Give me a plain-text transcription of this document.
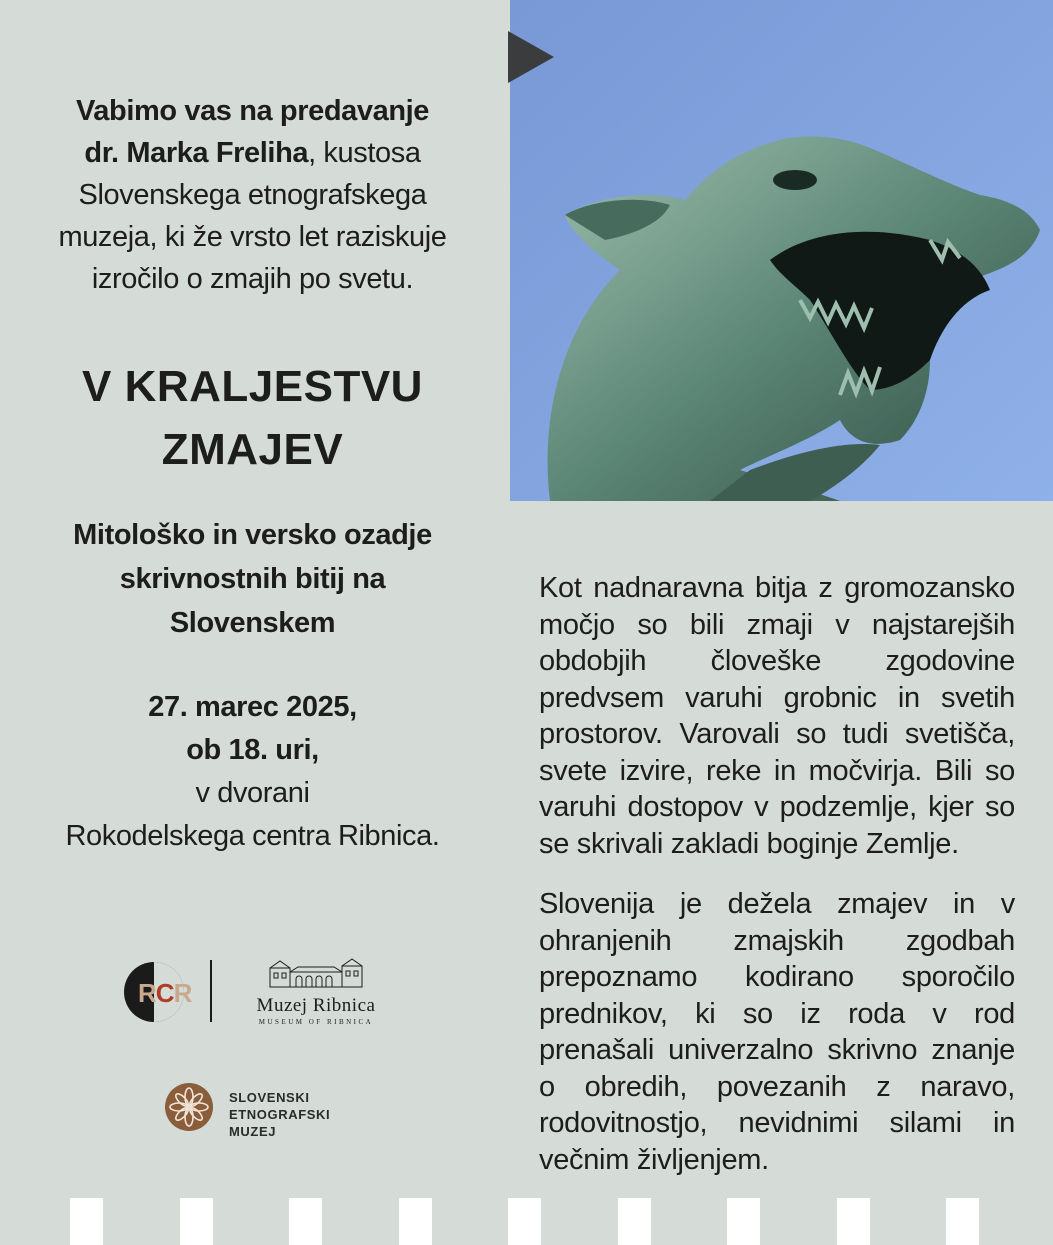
Vabimo vas na predavanje
dr. Marka Freliha, kustosa
Slovenskega etnografskega
muzeja, ki že vrsto let raziskuje
izročilo o zmajih po svetu.
V KRALJESTVU
ZMAJEV
Mitološko in versko ozadje
skrivnostnih bitij na
Slovenskem
27. marec 2025,
ob 18. uri,
v dvorani
Rokodelskega centra Ribnica.
RCR	Muzej Ribnica
MUSEUM OF RIBNICA
SLOVENSKI
ETNOGRAFSKI
MUZEJ

Kot nadnaravna bitja z gromozansko močjo so bili zmaji v najstarejših obdobjih človeške zgodovine predvsem varuhi grobnic in svetih prostorov. Varovali so tudi svetišča, svete izvire, reke in močvirja. Bili so varuhi dostopov v podzemlje, kjer so se skrivali zakladi boginje Zemlje.

Slovenija je dežela zmajev in v ohranjenih zmajskih zgodbah prepoznamo kodirano sporočilo prednikov, ki so iz roda v rod prenašali univerzalno skrivno znanje o obredih, povezanih z naravo, rodovitnostjo, nevidnimi silami in večnim življenjem.
